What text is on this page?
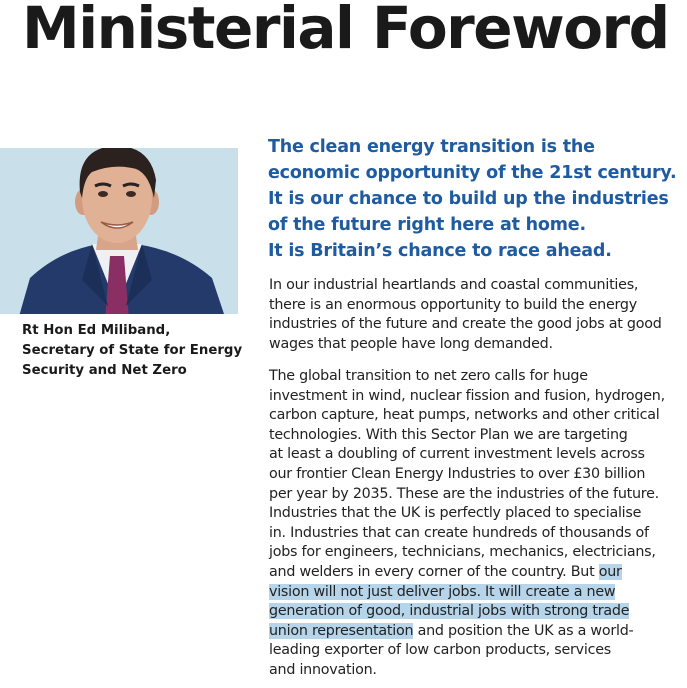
Ministerial Foreword

Rt Hon Ed Miliband,
Secretary of State for Energy
Security and Net Zero

The clean energy transition is the
economic opportunity of the 21st century.
It is our chance to build up the industries
of the future right here at home.
It is Britain’s chance to race ahead.

In our industrial heartlands and coastal communities,
there is an enormous opportunity to build the energy
industries of the future and create the good jobs at good
wages that people have long demanded.

The global transition to net zero calls for huge
investment in wind, nuclear fission and fusion, hydrogen,
carbon capture, heat pumps, networks and other critical
technologies. With this Sector Plan we are targeting
at least a doubling of current investment levels across
our frontier Clean Energy Industries to over £30 billion
per year by 2035. These are the industries of the future.
Industries that the UK is perfectly placed to specialise
in. Industries that can create hundreds of thousands of
jobs for engineers, technicians, mechanics, electricians,
and welders in every corner of the country. But our
vision will not just deliver jobs. It will create a new
generation of good, industrial jobs with strong trade
union representation and position the UK as a world-
leading exporter of low carbon products, services
and innovation.
